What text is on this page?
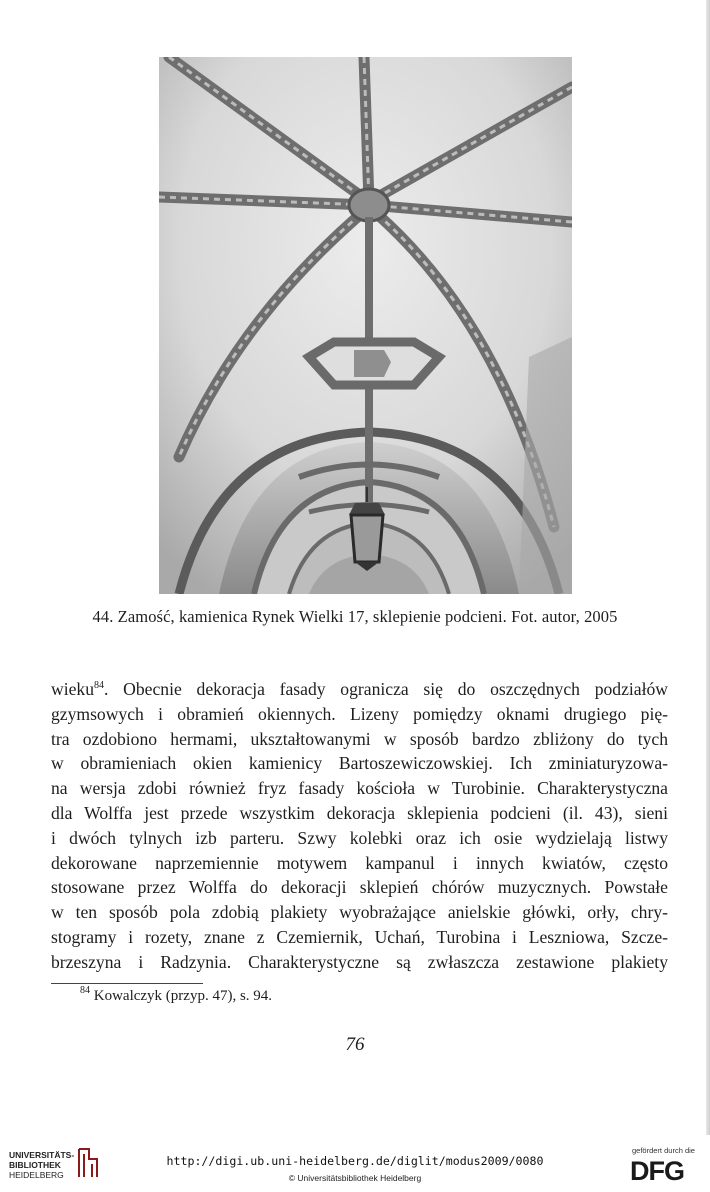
44. Zamość, kamienica Rynek Wielki 17, sklepienie podcieni. Fot. autor, 2005
wieku$^{84}$. Obecnie dekoracja fasady ogranicza się do oszczędnych podziałów
gzymsowych i obramień okiennych. Lizeny pomiędzy oknami drugiego pię-
tra ozdobiono hermami, ukształtowanymi w sposób bardzo zbliżony do tych
w obramieniach okien kamienicy Bartoszewiczowskiej. Ich zminiaturyzowa-
na wersja zdobi również fryz fasady kościoła w Turobinie. Charakterystyczna
dla Wolffa jest przede wszystkim dekoracja sklepienia podcieni (il. 43), sieni
i dwóch tylnych izb parteru. Szwy kolebki oraz ich osie wydzielają listwy
dekorowane naprzemiennie motywem kampanul i innych kwiatów, często
stosowane przez Wolffa do dekoracji sklepień chórów muzycznych. Powstałe
w ten sposób pola zdobią plakiety wyobrażające anielskie główki, orły, chry-
stogramy i rozety, znane z Czemiernik, Uchań, Turobina i Leszniowa, Szcze-
brzeszyna i Radzynia. Charakterystyczne są zwłaszcza zestawione plakiety
$^{84}$ Kowalczyk (przyp. 47), s. 94.
76
UNIVERSITÄTS-
BIBLIOTHEK
HEIDELBERG
http://digi.ub.uni-heidelberg.de/diglit/modus2009/0080
© Universitätsbibliothek Heidelberg
gefördert durch die
DFG
